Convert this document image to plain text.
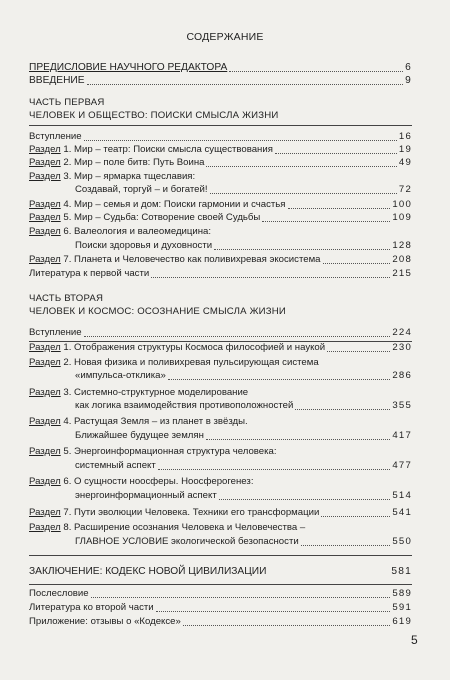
СОДЕРЖАНИЕ
ПРЕДИСЛОВИЕ НАУЧНОГО РЕДАКТОРА	6
ВВЕДЕНИЕ	9
ЧАСТЬ ПЕРВАЯ
ЧЕЛОВЕК И ОБЩЕСТВО: ПОИСКИ СМЫСЛА ЖИЗНИ
Вступление	16
Раздел 1. Мир – театр: Поиски смысла существования	19
Раздел 2. Мир – поле битв: Путь Воина	49
Раздел 3. Мир – ярмарка тщеславия:
Создавай, торгуй – и богатей!	72
Раздел 4. Мир – семья и дом: Поиски гармонии и счастья	100
Раздел 5. Мир – Судьба: Сотворение своей Судьбы	109
Раздел 6. Валеология и валеомедицина:
Поиски здоровья и духовности	128
Раздел 7. Планета и Человечество как поливихревая экосистема	208
Литература к первой части	215
ЧАСТЬ ВТОРАЯ
ЧЕЛОВЕК И КОСМОС: ОСОЗНАНИЕ СМЫСЛА ЖИЗНИ
Вступление	224
Раздел 1. Отображения структуры Космоса философией и наукой	230
Раздел 2. Новая физика и поливихревая пульсирующая система
«импульса-отклика»	286
Раздел 3. Системно-структурное моделирование
как логика взаимодействия противоположностей	355
Раздел 4. Растущая Земля – из планет в звёзды.
Ближайшее будущее землян	417
Раздел 5. Энергоинформационная структура человека:
системный аспект	477
Раздел 6. О сущности ноосферы. Ноосферогенез:
энергоинформационный аспект	514
Раздел 7. Пути эволюции Человека. Техники его трансформации	541
Раздел 8. Расширение осознания Человека и Человечества –
ГЛАВНОЕ УСЛОВИЕ экологической безопасности	550
ЗАКЛЮЧЕНИЕ: КОДЕКС НОВОЙ ЦИВИЛИЗАЦИИ	581
Послесловие	589
Литература ко второй части	591
Приложение: отзывы о «Кодексе»	619
5
